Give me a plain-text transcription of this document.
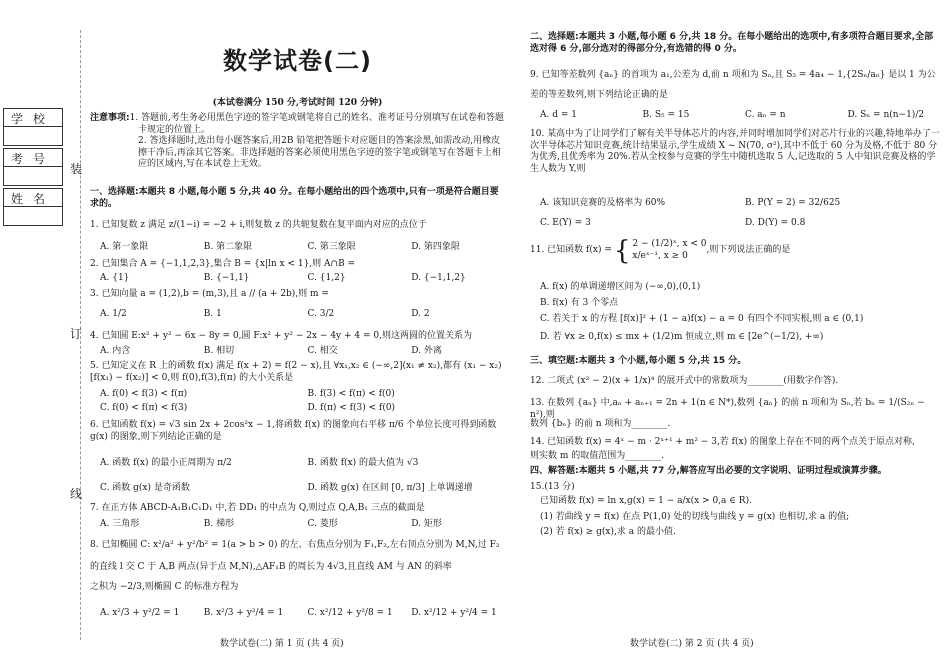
装
订
线
学校
考号
姓名
数学试卷(二)
(本试卷满分 150 分,考试时间 120 分钟)
注意事项:1. 答题前,考生务必用黑色字迹的签字笔或钢笔将自己的姓名、准考证号分别填写在试卷和答题卡规定的位置上。
2. 答选择题时,选出每小题答案后,用2B 铅笔把答题卡对应题目的答案涂黑,如需改动,用橡皮擦干净后,再涂其它答案。非选择题的答案必须使用黑色字迹的签字笔或钢笔写在答题卡上相应的区域内,写在本试卷上无效。
一、选择题:本题共 8 小题,每小题 5 分,共 40 分。在每小题给出的四个选项中,只有一项是符合题目要求的。
1. 已知复数 z 满足 z/(1−i) = −2 + i,则复数 z 的共轭复数在复平面内对应的点位于
A. 第一象限	B. 第二象限	C. 第三象限	D. 第四象限
2. 已知集合 A = {−1,1,2,3},集合 B = {x|ln x < 1},则 A∩B =
A. {1}	B. {−1,1}	C. {1,2}	D. {−1,1,2}
3. 已知向量 a = (1,2),b = (m,3),且 a // (a + 2b),则 m =
A. 1/2	B. 1	C. 3/2	D. 2
4. 已知圆 E:x² + y² − 6x − 8y = 0,圆 F:x² + y² − 2x − 4y + 4 = 0,则这两圆的位置关系为
A. 内含	B. 相切	C. 相交	D. 外离
5. 已知定义在 R 上的函数 f(x) 满足 f(x + 2) = f(2 − x),且 ∀x₁,x₂ ∈ (−∞,2](x₁ ≠ x₂),都有 (x₁ − x₂)[f(x₁) − f(x₂)] < 0,则 f(0),f(3),f(π) 的大小关系是
A. f(0) < f(3) < f(π)	B. f(3) < f(π) < f(0)
C. f(0) < f(π) < f(3)	D. f(π) < f(3) < f(0)
6. 已知函数 f(x) = √3 sin 2x + 2cos²x − 1,将函数 f(x) 的图象向右平移 π/6 个单位长度可得到函数 g(x) 的图象,则下列结论正确的是
A. 函数 f(x) 的最小正周期为 π/2	B. 函数 f(x) 的最大值为 √3
C. 函数 g(x) 是奇函数	D. 函数 g(x) 在区间 [0, π/3] 上单调递增
7. 在正方体 ABCD-A₁B₁C₁D₁ 中,若 DD₁ 的中点为 Q,则过点 Q,A,B₁ 三点的截面是
A. 三角形	B. 梯形	C. 菱形	D. 矩形
8. 已知椭圆 C: x²/a² + y²/b² = 1(a > b > 0) 的左、右焦点分别为 F₁,F₂,左右顶点分别为 M,N,过 F₂
的直线 l 交 C 于 A,B 两点(异于点 M,N),△AF₁B 的周长为 4√3,且直线 AM 与 AN 的斜率
之积为 −2/3,则椭圆 C 的标准方程为
A. x²/3 + y²/2 = 1	B. x²/3 + y²/4 = 1	C. x²/12 + y²/8 = 1	D. x²/12 + y²/4 = 1
数学试卷(二) 第 1 页 (共 4 页)
二、选择题:本题共 3 小题,每小题 6 分,共 18 分。在每小题给出的选项中,有多项符合题目要求,全部选对得 6 分,部分选对的得部分分,有选错的得 0 分。
9. 已知等差数列 {aₙ} 的首项为 a₁,公差为 d,前 n 项和为 Sₙ,且 S₃ = 4a₄ − 1,{2Sₙ/aₙ} 是以 1 为公
差的等差数列,则下列结论正确的是
A. d = 1	B. S₅ = 15	C. aₙ = n	D. Sₙ = n(n−1)/2
10. 某高中为了让同学们了解有关半导体芯片的内容,并同时增加同学们对芯片行业的兴趣,特地举办了一次半导体芯片知识竞赛,统计结果显示,学生成绩 X ~ N(70, σ²),其中不低于 60 分为及格,不低于 80 分为优秀,且优秀率为 20%.若从全校参与竞赛的学生中随机选取 5 人,记选取的 5 人中知识竞赛及格的学生人数为 Y,则
A. 该知识竞赛的及格率为 60%	B. P(Y = 2) = 32/625
C. E(Y) = 3	D. D(Y) = 0.8
11. 已知函数 f(x) = { 2 − (1/2)ˣ, x < 0
x/eˣ⁻¹, x ≥ 0
,则下列说法正确的是
A. f(x) 的单调递增区间为 (−∞,0),(0,1)
B. f(x) 有 3 个零点
C. 若关于 x 的方程 [f(x)]² + (1 − a)f(x) − a = 0 有四个不同实根,则 a ∈ (0,1)
D. 若 ∀x ≥ 0,f(x) ≤ mx + (1/2)m 恒成立,则 m ∈ [2e^(−1/2), +∞)
三、填空题:本题共 3 个小题,每小题 5 分,共 15 分。
12. 二项式 (x² − 2)(x + 1/x)⁴ 的展开式中的常数项为________(用数字作答).
13. 在数列 {aₙ} 中,aₙ + aₙ₊₁ = 2n + 1(n ∈ N*),数列 {aₙ} 的前 n 项和为 Sₙ,若 bₙ = 1/(S₂ₙ − n²),则
数列 {bₙ} 的前 n 项和为________.
14. 已知函数 f(x) = 4ˣ − m · 2ˣ⁺¹ + m² − 3,若 f(x) 的图象上存在不同的两个点关于原点对称,
则实数 m 的取值范围为________.
四、解答题:本题共 5 小题,共 77 分,解答应写出必要的文字说明、证明过程或演算步骤。
15.(13 分)
已知函数 f(x) = ln x,g(x) = 1 − a/x(x > 0,a ∈ R).
(1) 若曲线 y = f(x) 在点 P(1,0) 处的切线与曲线 y = g(x) 也相切,求 a 的值;
(2) 若 f(x) ≥ g(x),求 a 的最小值.
数学试卷(二) 第 2 页 (共 4 页)
